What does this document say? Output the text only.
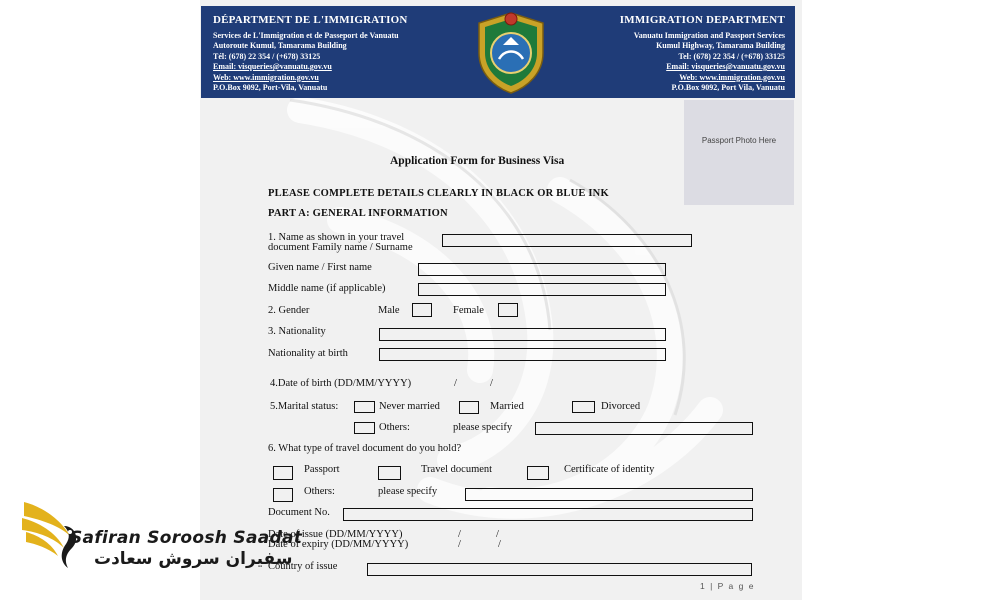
DÉPARTMENT DE L'IMMIGRATION
Services de L'Immigration et de Passeport de Vanuatu
Autoroute Kumul, Tamarama Building
Tél: (678) 22 354 / (+678) 33125
Email: visqueries@vanuatu.gov.vu
Web: www.immigration.gov.vu
P.O.Box 9092, Port-Vila, Vanuatu
IMMIGRATION DEPARTMENT
Vanuatu Immigration and Passport Services
Kumul Highway, Tamarama Building
Tel: (678) 22 354 / (+678) 33125
Email: visqueries@vanuatu.gov.vu
Web: www.immigration.gov.vu
P.O.Box 9092, Port Vila, Vanuatu
Passport Photo Here
Application Form for Business Visa
PLEASE COMPLETE DETAILS CLEARLY IN BLACK OR BLUE INK
PART A: GENERAL INFORMATION
1. Name as shown in your travel
document Family name / Surname
Given name / First name
Middle name (if applicable)
2. Gender	Male	Female
3. Nationality
Nationality at birth
4.Date of birth (DD/MM/YYYY)	/	/
5.Marital status:	Never married	Married	Divorced
Others:	please specify
6. What type of travel document do you hold?
Passport	Travel document	Certificate of identity
Others:	please specify
Document No.
Date of issue (DD/MM/YYYY)	/	/
Date of expiry (DD/MM/YYYY)	/	/
Country of issue
1 | P a g e
Safiran Soroosh Saadat
سفیران سروش سعادت
